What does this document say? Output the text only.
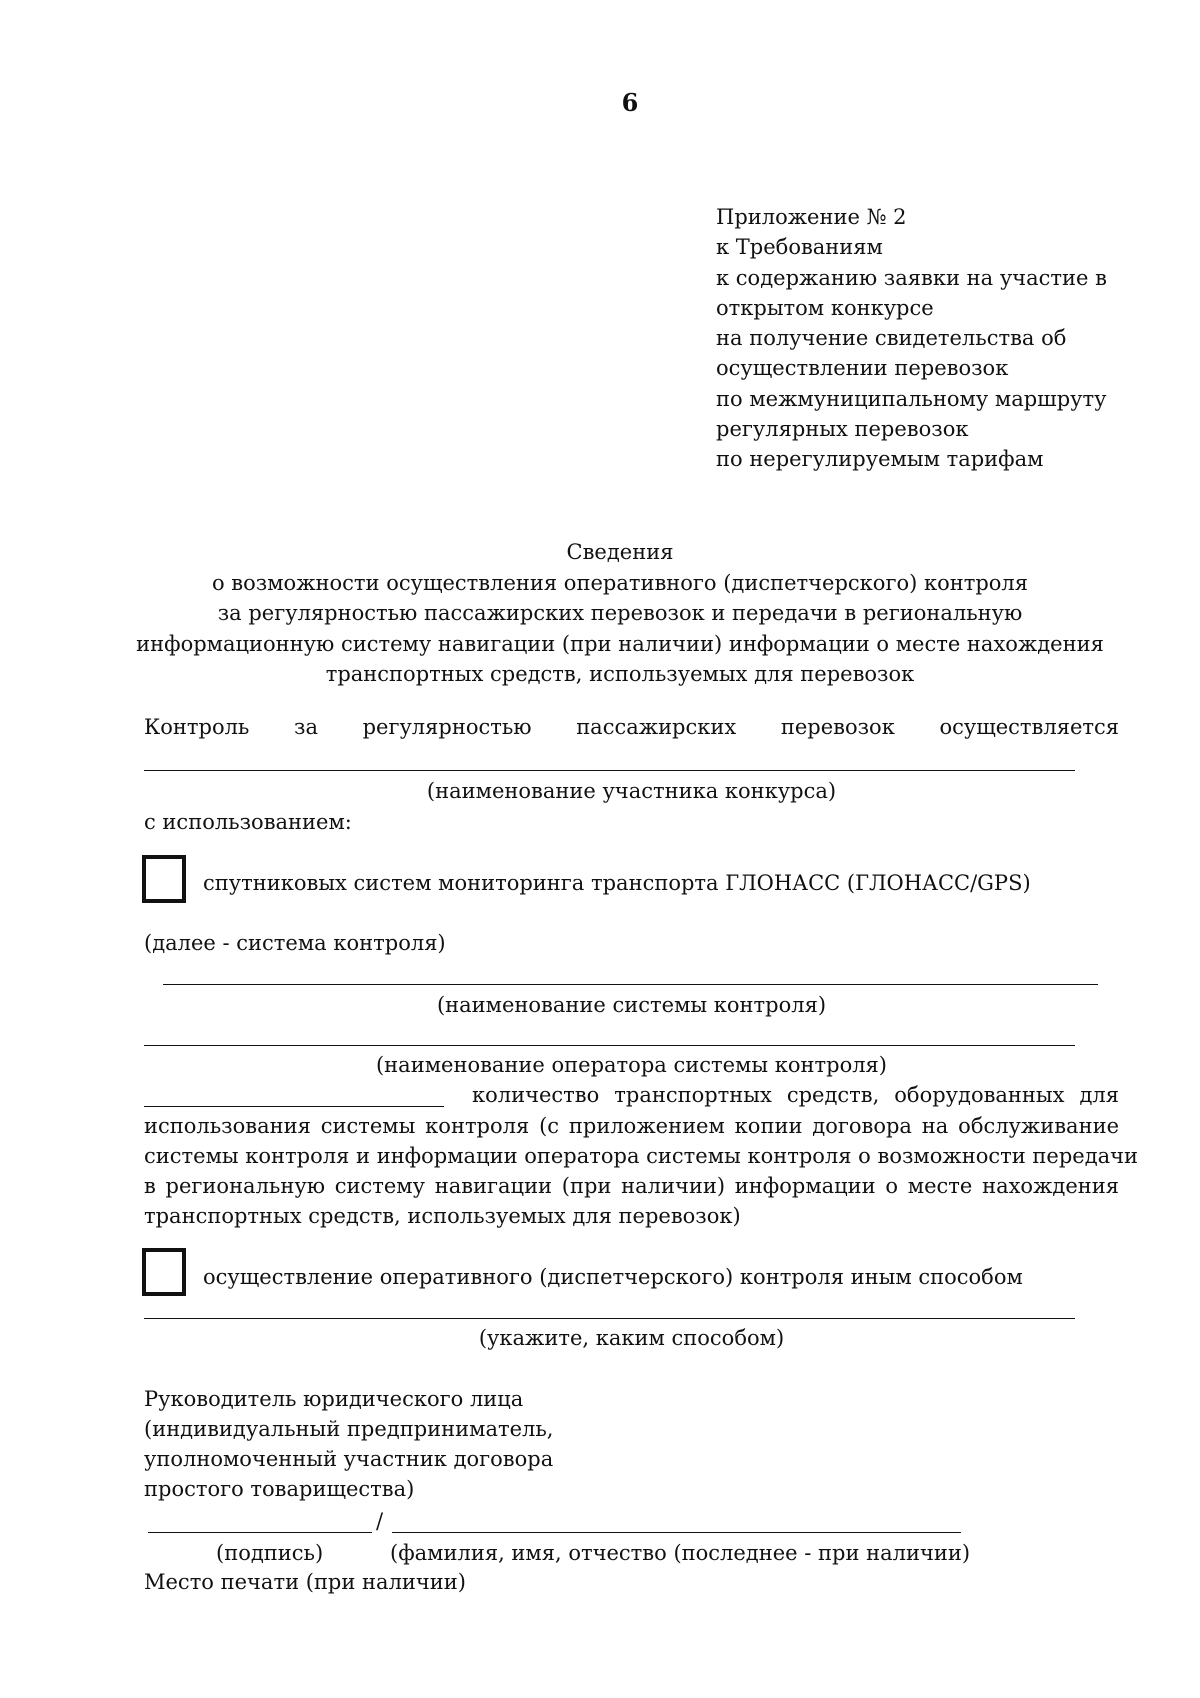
6
Приложение № 2
к Требованиям
к содержанию заявки на участие в
открытом конкурсе
на получение свидетельства об
осуществлении перевозок
по межмуниципальному маршруту
регулярных перевозок
по нерегулируемым тарифам
Сведения
о возможности осуществления оперативного (диспетчерского) контроля
за регулярностью пассажирских перевозок и передачи в региональную
информационную систему навигации (при наличии) информации о месте нахождения
транспортных средств, используемых для перевозок
Контроль за регулярностью пассажирских перевозок осуществляется
(наименование участника конкурса)
с использованием:
спутниковых систем мониторинга транспорта ГЛОНАСС (ГЛОНАСС/GPS)
(далее - система контроля)
(наименование системы контроля)
(наименование оператора системы контроля)
количество транспортных средств, оборудованных для
использования системы контроля (с приложением копии договора на обслуживание
системы контроля и информации оператора системы контроля о возможности передачи
в региональную систему навигации (при наличии) информации о месте нахождения
транспортных средств, используемых для перевозок)
осуществление оперативного (диспетчерского) контроля иным способом
(укажите, каким способом)
Руководитель юридического лица
(индивидуальный предприниматель,
уполномоченный участник договора
простого товарищества)
/
(подпись)	(фамилия, имя, отчество (последнее - при наличии)
Место печати (при наличии)
